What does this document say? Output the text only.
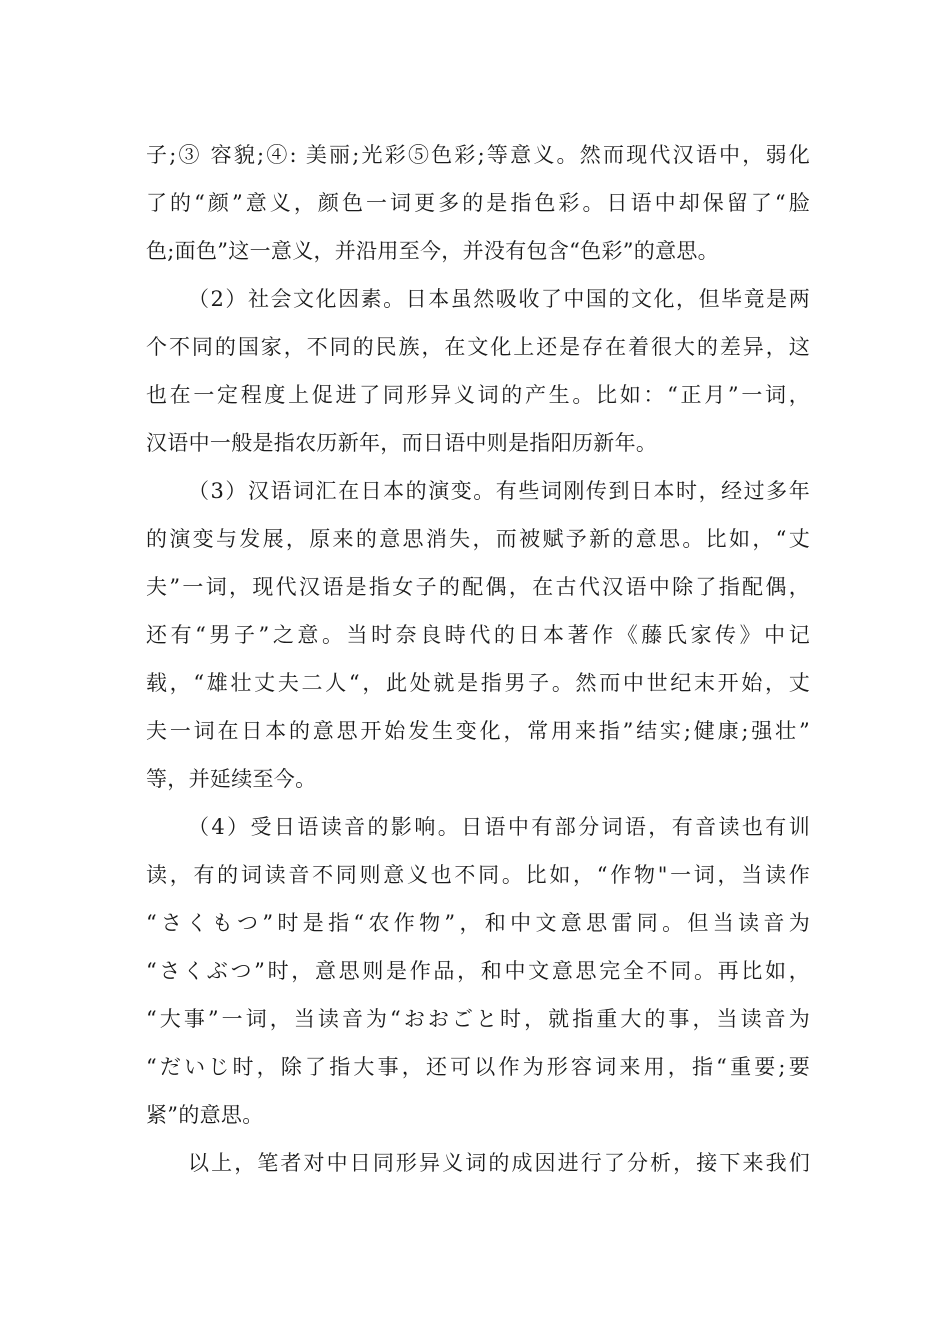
子;③ 容貌;④: 美丽;光彩⑤色彩;等意义。然而现代汉语中，弱化
了的“颜”意义，颜色一词更多的是指色彩。日语中却保留了“脸
色;面色”这一意义，并沿用至今，并没有包含“色彩”的意思。
（2）社会文化因素。日本虽然吸收了中国的文化，但毕竟是两
个不同的国家，不同的民族，在文化上还是存在着很大的差异，这
也在一定程度上促进了同形异义词的产生。比如：“正月”一词，
汉语中一般是指农历新年，而日语中则是指阳历新年。
（3）汉语词汇在日本的演变。有些词刚传到日本时，经过多年
的演变与发展，原来的意思消失，而被赋予新的意思。比如，“丈
夫”一词，现代汉语是指女子的配偶，在古代汉语中除了指配偶，
还有“男子”之意。当时奈良時代的日本著作《藤氏家传》中记
载，“雄壮丈夫二人“，此处就是指男子。然而中世纪末开始，丈
夫一词在日本的意思开始发生变化，常用来指”结实;健康;强壮”
等，并延续至今。
（4）受日语读音的影响。日语中有部分词语，有音读也有训
读，有的词读音不同则意义也不同。比如，“作物"一词，当读作
“さくもつ”时是指“农作物”，和中文意思雷同。但当读音为
“さくぶつ”时，意思则是作品，和中文意思完全不同。再比如，
“大事”一词，当读音为“おおごと时，就指重大的事，当读音为
“だいじ时，除了指大事，还可以作为形容词来用，指“重要;要
紧”的意思。
以上，笔者对中日同形异义词的成因进行了分析，接下来我们
